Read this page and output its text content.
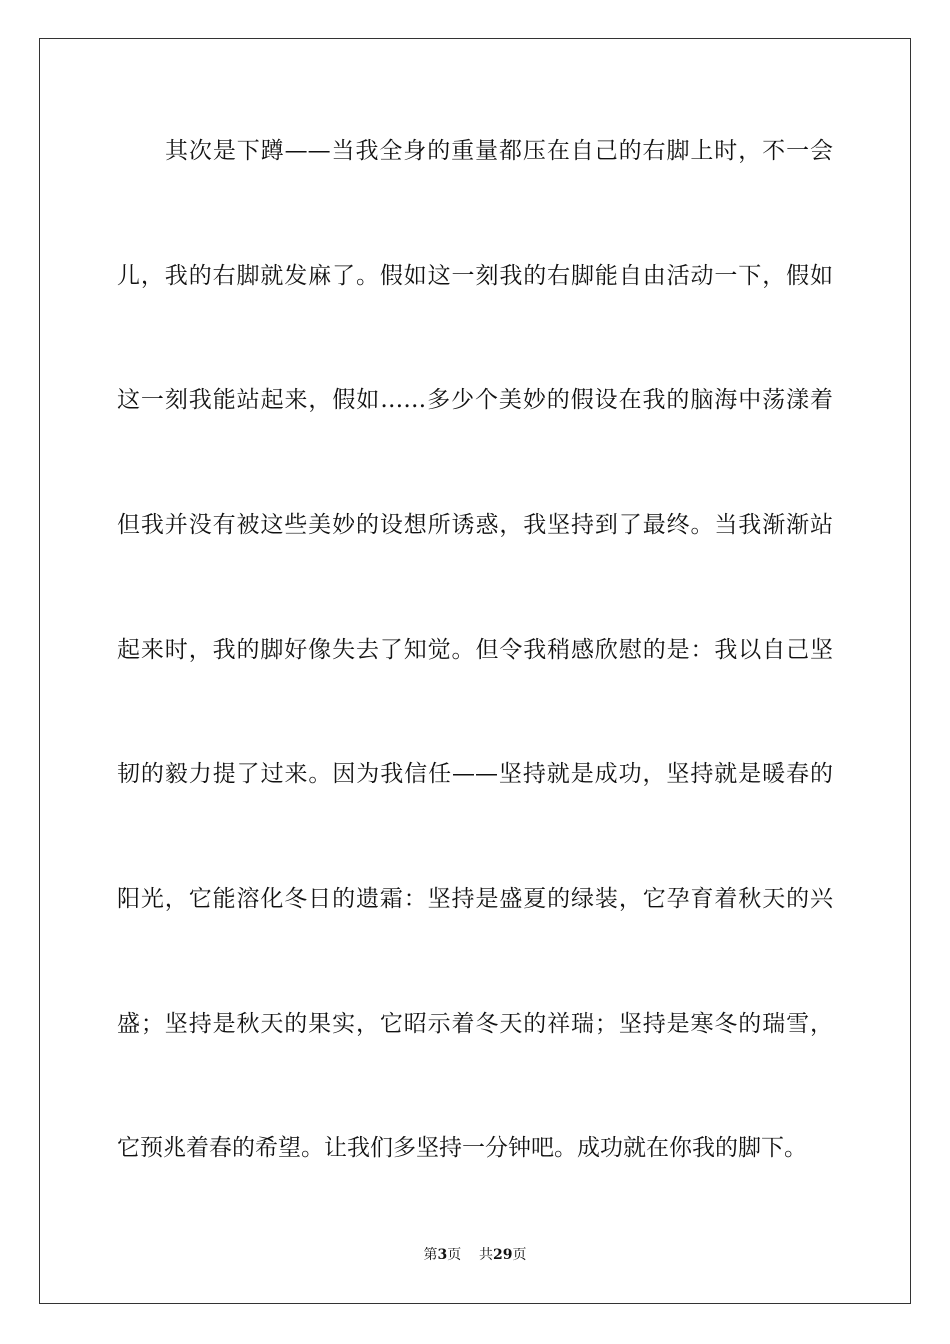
其次是下蹲——当我全身的重量都压在自己的右脚上时，不一会
儿，我的右脚就发麻了。假如这一刻我的右脚能自由活动一下，假如
这一刻我能站起来，假如……多少个美妙的假设在我的脑海中荡漾着
但我并没有被这些美妙的设想所诱惑，我坚持到了最终。当我渐渐站
起来时，我的脚好像失去了知觉。但令我稍感欣慰的是：我以自己坚
韧的毅力提了过来。因为我信任——坚持就是成功，坚持就是暖春的
阳光，它能溶化冬日的遗霜：坚持是盛夏的绿装，它孕育着秋天的兴
盛；坚持是秋天的果实，它昭示着冬天的祥瑞；坚持是寒冬的瑞雪，
它预兆着春的希望。让我们多坚持一分钟吧。成功就在你我的脚下。
第3页 共29页
